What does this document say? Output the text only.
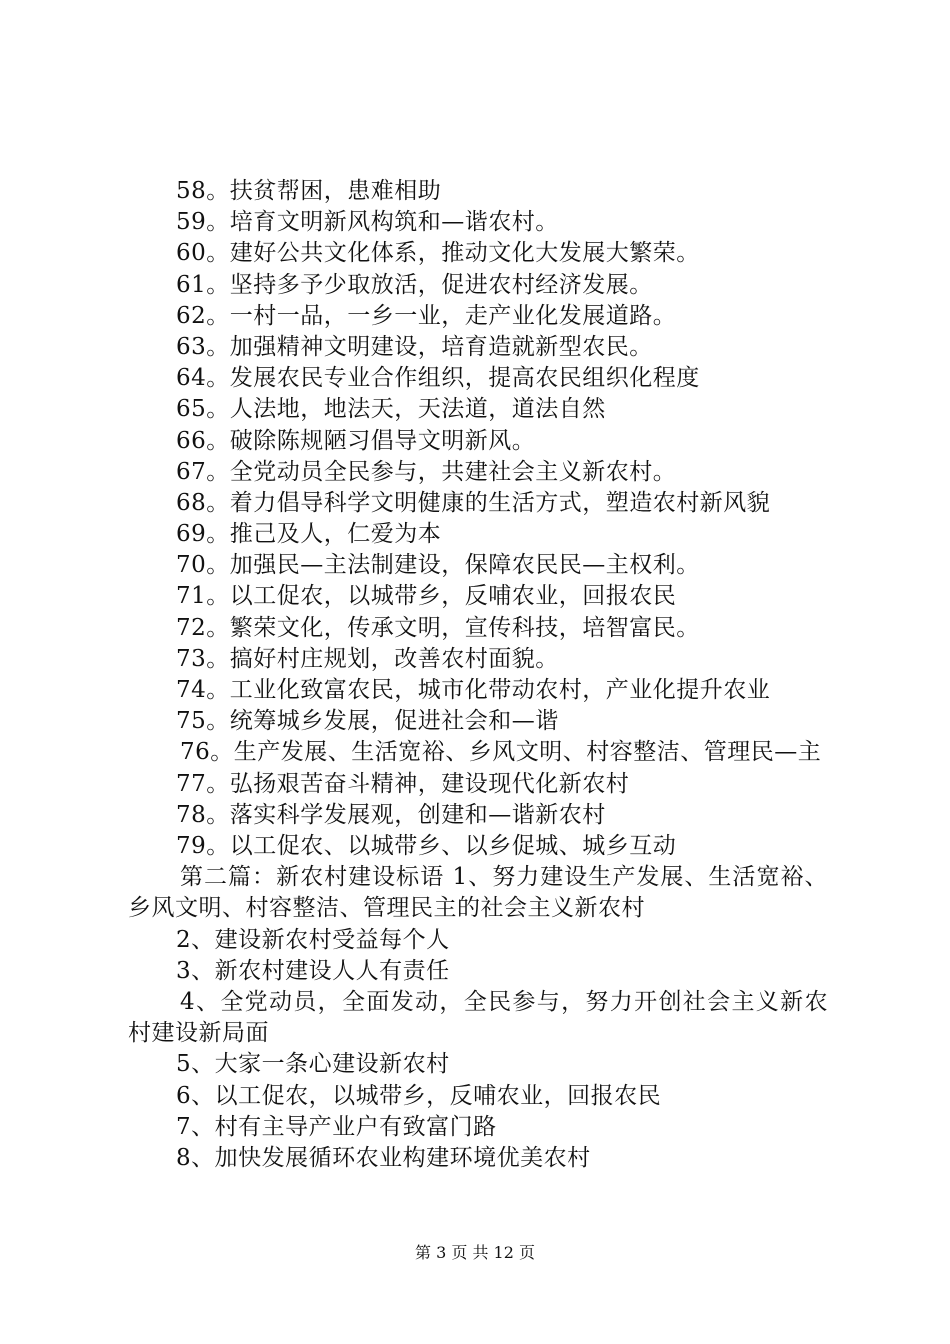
58。扶贫帮困，患难相助
59。培育文明新风构筑和—谐农村。
60。建好公共文化体系，推动文化大发展大繁荣。
61。坚持多予少取放活，促进农村经济发展。
62。一村一品，一乡一业，走产业化发展道路。
63。加强精神文明建设，培育造就新型农民。
64。发展农民专业合作组织，提高农民组织化程度
65。人法地，地法天，天法道，道法自然
66。破除陈规陋习倡导文明新风。
67。全党动员全民参与，共建社会主义新农村。
68。着力倡导科学文明健康的生活方式，塑造农村新风貌
69。推己及人，仁爱为本
70。加强民—主法制建设，保障农民民—主权利。
71。以工促农，以城带乡，反哺农业，回报农民
72。繁荣文化，传承文明，宣传科技，培智富民。
73。搞好村庄规划，改善农村面貌。
74。工业化致富农民，城市化带动农村，产业化提升农业
75。统筹城乡发展，促进社会和—谐
76。生产发展、生活宽裕、乡风文明、村容整洁、管理民—主
77。弘扬艰苦奋斗精神，建设现代化新农村
78。落实科学发展观，创建和—谐新农村
79。以工促农、以城带乡、以乡促城、城乡互动
第二篇：新农村建设标语 1、努力建设生产发展、生活宽裕、乡风文明、村容整洁、管理民主的社会主义新农村
2、建设新农村受益每个人
3、新农村建设人人有责任
4、全党动员，全面发动，全民参与，努力开创社会主义新农村建设新局面
5、大家一条心建设新农村
6、以工促农，以城带乡，反哺农业，回报农民
7、村有主导产业户有致富门路
8、加快发展循环农业构建环境优美农村
第 3 页 共 12 页
